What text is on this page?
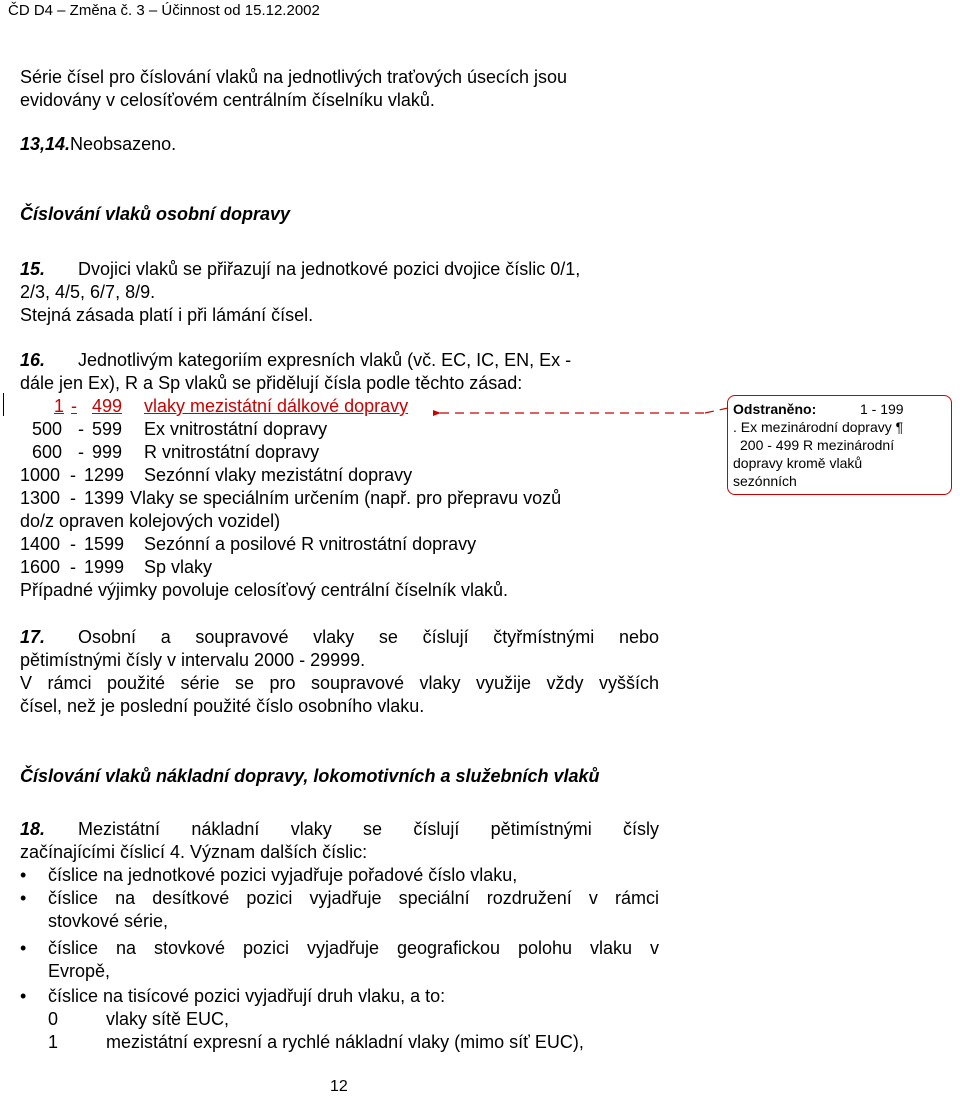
ČD D4 – Změna č. 3 – Účinnost od 15.12.2002
Série čísel pro číslování vlaků na jednotlivých traťových úsecích jsou
evidovány v celosíťovém centrálním číselníku vlaků.
13,14.Neobsazeno.
Číslování vlaků osobní dopravy
15. Dvojici vlaků se přiřazují na jednotkové pozici dvojice číslic 0/1,
2/3, 4/5, 6/7, 8/9.
Stejná zásada platí i při lámání čísel.
16. Jednotlivým kategoriím expresních vlaků (vč. EC, IC, EN, Ex -
dále jen Ex), R a Sp vlaků se přidělují čísla podle těchto zásad:
1 - 499 vlaky mezistátní dálkové dopravy
500 - 599 Ex vnitrostátní dopravy
600 - 999 R vnitrostátní dopravy
1000 - 1299 Sezónní vlaky mezistátní dopravy
1300 - 1399 Vlaky se speciálním určením (např. pro přepravu vozů
do/z opraven kolejových vozidel)
1400 - 1599 Sezónní a posilové R vnitrostátní dopravy
1600 - 1999 Sp vlaky
Případné výjimky povoluje celosíťový centrální číselník vlaků.
Odstraněno:	1 - 199
. Ex mezinárodní dopravy ¶
200 - 499 R mezinárodní
dopravy kromě vlaků
sezónních
17. Osobní a soupravové vlaky se číslují čtyřmístnými nebo
pětimístnými čísly v intervalu 2000 - 29999.
V rámci použité série se pro soupravové vlaky využije vždy vyšších
čísel, než je poslední použité číslo osobního vlaku.
Číslování vlaků nákladní dopravy, lokomotivních a služebních vlaků
18. Mezistátní nákladní vlaky se číslují pětimístnými čísly
začínajícími číslicí 4. Význam dalších číslic:
• číslice na jednotkové pozici vyjadřuje pořadové číslo vlaku,
• číslice na desítkové pozici vyjadřuje speciální rozdružení v rámci
stovkové série,
• číslice na stovkové pozici vyjadřuje geografickou polohu vlaku v
Evropě,
• číslice na tisícové pozici vyjadřují druh vlaku, a to:
0	vlaky sítě EUC,
1	mezistátní expresní a rychlé nákladní vlaky (mimo síť EUC),
12
